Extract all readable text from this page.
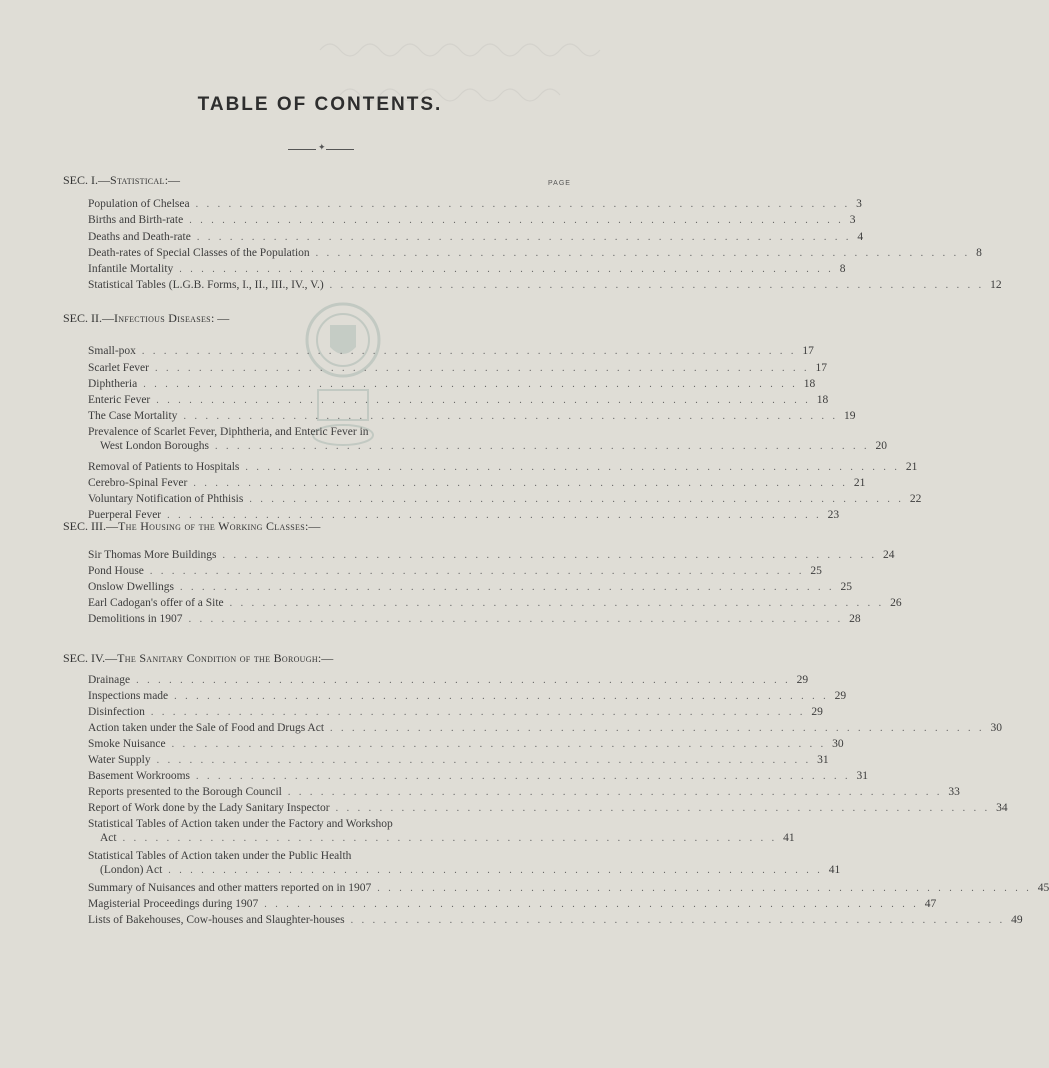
TABLE OF CONTENTS.
✦
PAGE
SEC. I.—Statistical:—
Population of Chelsea . . . . . . . . . . . . . . . . . . . . . . . . . . . . . . . . . . . . . . . . . . . . . . . . . . . . . . . . . . . . 3
Births and Birth-rate . . . . . . . . . . . . . . . . . . . . . . . . . . . . . . . . . . . . . . . . . . . . . . . . . . . . . . . . . . . . 3
Deaths and Death-rate . . . . . . . . . . . . . . . . . . . . . . . . . . . . . . . . . . . . . . . . . . . . . . . . . . . . . . . . . . . . 4
Death-rates of Special Classes of the Population . . . . . . . . . . . . . . . . . . . . . . . . . . . . . . . . . . . . . . . . . . . . . . . . . . . . . . . . . . . . 8
Infantile Mortality . . . . . . . . . . . . . . . . . . . . . . . . . . . . . . . . . . . . . . . . . . . . . . . . . . . . . . . . . . . . 8
Statistical Tables (L.G.B. Forms, I., II., III., IV., V.) . . . . . . . . . . . . . . . . . . . . . . . . . . . . . . . . . . . . . . . . . . . . . . . . . . . . . . . . . . . . 12
SEC. II.—Infectious Diseases: —
Small-pox . . . . . . . . . . . . . . . . . . . . . . . . . . . . . . . . . . . . . . . . . . . . . . . . . . . . . . . . . . . . 17
Scarlet Fever . . . . . . . . . . . . . . . . . . . . . . . . . . . . . . . . . . . . . . . . . . . . . . . . . . . . . . . . . . . . 17
Diphtheria . . . . . . . . . . . . . . . . . . . . . . . . . . . . . . . . . . . . . . . . . . . . . . . . . . . . . . . . . . . . 18
Enteric Fever . . . . . . . . . . . . . . . . . . . . . . . . . . . . . . . . . . . . . . . . . . . . . . . . . . . . . . . . . . . . 18
The Case Mortality . . . . . . . . . . . . . . . . . . . . . . . . . . . . . . . . . . . . . . . . . . . . . . . . . . . . . . . . . . . . 19
Prevalence of Scarlet Fever, Diphtheria, and Enteric Fever in
West London Boroughs . . . . . . . . . . . . . . . . . . . . . . . . . . . . . . . . . . . . . . . . . . . . . . . . . . . . . . . . . . . . 20
Removal of Patients to Hospitals . . . . . . . . . . . . . . . . . . . . . . . . . . . . . . . . . . . . . . . . . . . . . . . . . . . . . . . . . . . . 21
Cerebro-Spinal Fever . . . . . . . . . . . . . . . . . . . . . . . . . . . . . . . . . . . . . . . . . . . . . . . . . . . . . . . . . . . . 21
Voluntary Notification of Phthisis . . . . . . . . . . . . . . . . . . . . . . . . . . . . . . . . . . . . . . . . . . . . . . . . . . . . . . . . . . . . 22
Puerperal Fever . . . . . . . . . . . . . . . . . . . . . . . . . . . . . . . . . . . . . . . . . . . . . . . . . . . . . . . . . . . . 23
SEC. III.—The Housing of the Working Classes:—
Sir Thomas More Buildings . . . . . . . . . . . . . . . . . . . . . . . . . . . . . . . . . . . . . . . . . . . . . . . . . . . . . . . . . . . . 24
Pond House . . . . . . . . . . . . . . . . . . . . . . . . . . . . . . . . . . . . . . . . . . . . . . . . . . . . . . . . . . . . 25
Onslow Dwellings . . . . . . . . . . . . . . . . . . . . . . . . . . . . . . . . . . . . . . . . . . . . . . . . . . . . . . . . . . . . 25
Earl Cadogan's offer of a Site . . . . . . . . . . . . . . . . . . . . . . . . . . . . . . . . . . . . . . . . . . . . . . . . . . . . . . . . . . . . 26
Demolitions in 1907 . . . . . . . . . . . . . . . . . . . . . . . . . . . . . . . . . . . . . . . . . . . . . . . . . . . . . . . . . . . . 28
SEC. IV.—The Sanitary Condition of the Borough:—
Drainage . . . . . . . . . . . . . . . . . . . . . . . . . . . . . . . . . . . . . . . . . . . . . . . . . . . . . . . . . . . . 29
Inspections made . . . . . . . . . . . . . . . . . . . . . . . . . . . . . . . . . . . . . . . . . . . . . . . . . . . . . . . . . . . . 29
Disinfection . . . . . . . . . . . . . . . . . . . . . . . . . . . . . . . . . . . . . . . . . . . . . . . . . . . . . . . . . . . . 29
Action taken under the Sale of Food and Drugs Act . . . . . . . . . . . . . . . . . . . . . . . . . . . . . . . . . . . . . . . . . . . . . . . . . . . . . . . . . . . . 30
Smoke Nuisance . . . . . . . . . . . . . . . . . . . . . . . . . . . . . . . . . . . . . . . . . . . . . . . . . . . . . . . . . . . . 30
Water Supply . . . . . . . . . . . . . . . . . . . . . . . . . . . . . . . . . . . . . . . . . . . . . . . . . . . . . . . . . . . . 31
Basement Workrooms . . . . . . . . . . . . . . . . . . . . . . . . . . . . . . . . . . . . . . . . . . . . . . . . . . . . . . . . . . . . 31
Reports presented to the Borough Council . . . . . . . . . . . . . . . . . . . . . . . . . . . . . . . . . . . . . . . . . . . . . . . . . . . . . . . . . . . . 33
Report of Work done by the Lady Sanitary Inspector . . . . . . . . . . . . . . . . . . . . . . . . . . . . . . . . . . . . . . . . . . . . . . . . . . . . . . . . . . . . 34
Statistical Tables of Action taken under the Factory and Workshop
Act . . . . . . . . . . . . . . . . . . . . . . . . . . . . . . . . . . . . . . . . . . . . . . . . . . . . . . . . . . . . 41
Statistical Tables of Action taken under the Public Health
(London) Act . . . . . . . . . . . . . . . . . . . . . . . . . . . . . . . . . . . . . . . . . . . . . . . . . . . . . . . . . . . . 41
Summary of Nuisances and other matters reported on in 1907 . . . . . . . . . . . . . . . . . . . . . . . . . . . . . . . . . . . . . . . . . . . . . . . . . . . . . . . . . . . . 45
Magisterial Proceedings during 1907 . . . . . . . . . . . . . . . . . . . . . . . . . . . . . . . . . . . . . . . . . . . . . . . . . . . . . . . . . . . . 47
Lists of Bakehouses, Cow-houses and Slaughter-houses . . . . . . . . . . . . . . . . . . . . . . . . . . . . . . . . . . . . . . . . . . . . . . . . . . . . . . . . . . . . 49
